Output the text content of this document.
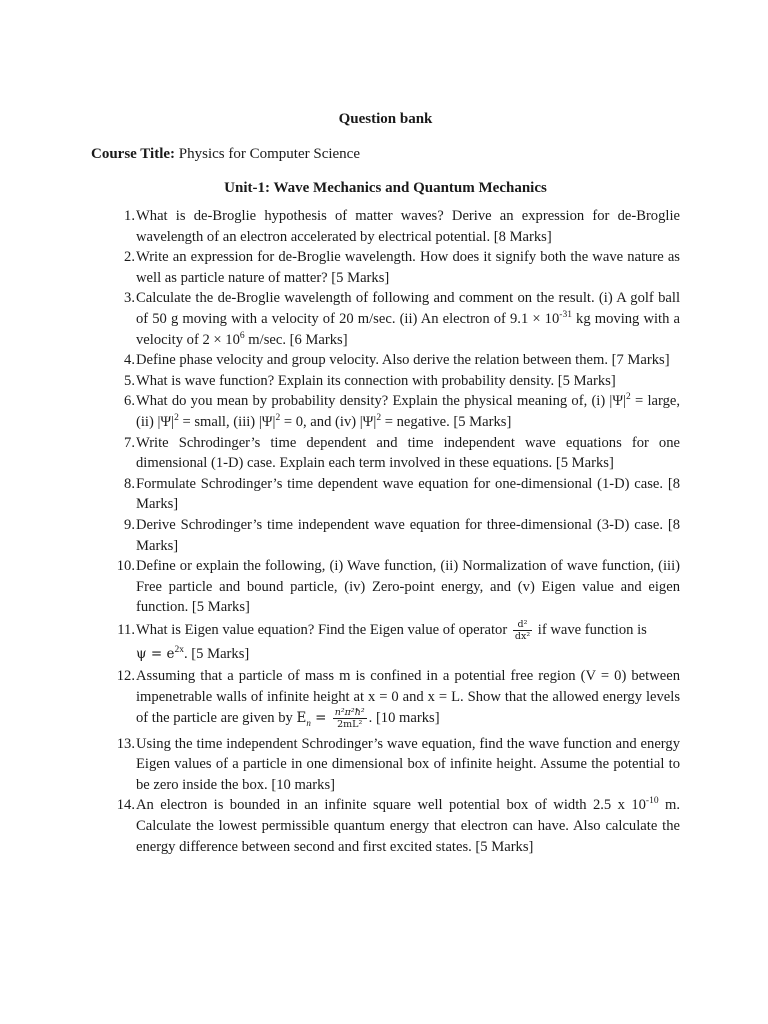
Question bank
Course Title: Physics for Computer Science
Unit-1: Wave Mechanics and Quantum Mechanics
1. What is de-Broglie hypothesis of matter waves? Derive an expression for de-Broglie wavelength of an electron accelerated by electrical potential. [8 Marks]
2. Write an expression for de-Broglie wavelength. How does it signify both the wave nature as well as particle nature of matter? [5 Marks]
3. Calculate the de-Broglie wavelength of following and comment on the result. (i) A golf ball of 50 g moving with a velocity of 20 m/sec. (ii) An electron of $9.1 \times 10^{-31}$ kg moving with a velocity of $2 \times 10^6$ m/sec. [6 Marks]
4. Define phase velocity and group velocity. Also derive the relation between them. [7 Marks]
5. What is wave function? Explain its connection with probability density. [5 Marks]
6. What do you mean by probability density? Explain the physical meaning of, (i) $|\Psi|^2$ = large, (ii) $|\Psi|^2$ = small, (iii) $|\Psi|^2 = 0$, and (iv) $|\Psi|^2$ = negative. [5 Marks]
7. Write Schrodinger’s time dependent and time independent wave equations for one dimensional (1-D) case. Explain each term involved in these equations. [5 Marks]
8. Formulate Schrodinger’s time dependent wave equation for one-dimensional (1-D) case. [8 Marks]
9. Derive Schrodinger’s time independent wave equation for three-dimensional (3-D) case. [8 Marks]
10. Define or explain the following, (i) Wave function, (ii) Normalization of wave function, (iii) Free particle and bound particle, (iv) Zero-point energy, and (v) Eigen value and eigen function. [5 Marks]
11. What is Eigen value equation? Find the Eigen value of operator $\frac{\text{d²}}{\text{dx²}}$ if wave function is
$\psi = e^{2x}$. [5 Marks]
12. Assuming that a particle of mass m is confined in a potential free region (V = 0) between impenetrable walls of infinite height at x = 0 and x = L. Show that the allowed energy levels of the particle are given by $E_n = \frac{\text{n²π²ħ²}}{\text{2mL²}}$ . [10 marks]
13. Using the time independent Schrodinger’s wave equation, find the wave function and energy Eigen values of a particle in one dimensional box of infinite height. Assume the potential to be zero inside the box. [10 marks]
14. An electron is bounded in an infinite square well potential box of width 2.5 x $10^{-10}$ m. Calculate the lowest permissible quantum energy that electron can have. Also calculate the energy difference between second and first excited states. [5 Marks]
